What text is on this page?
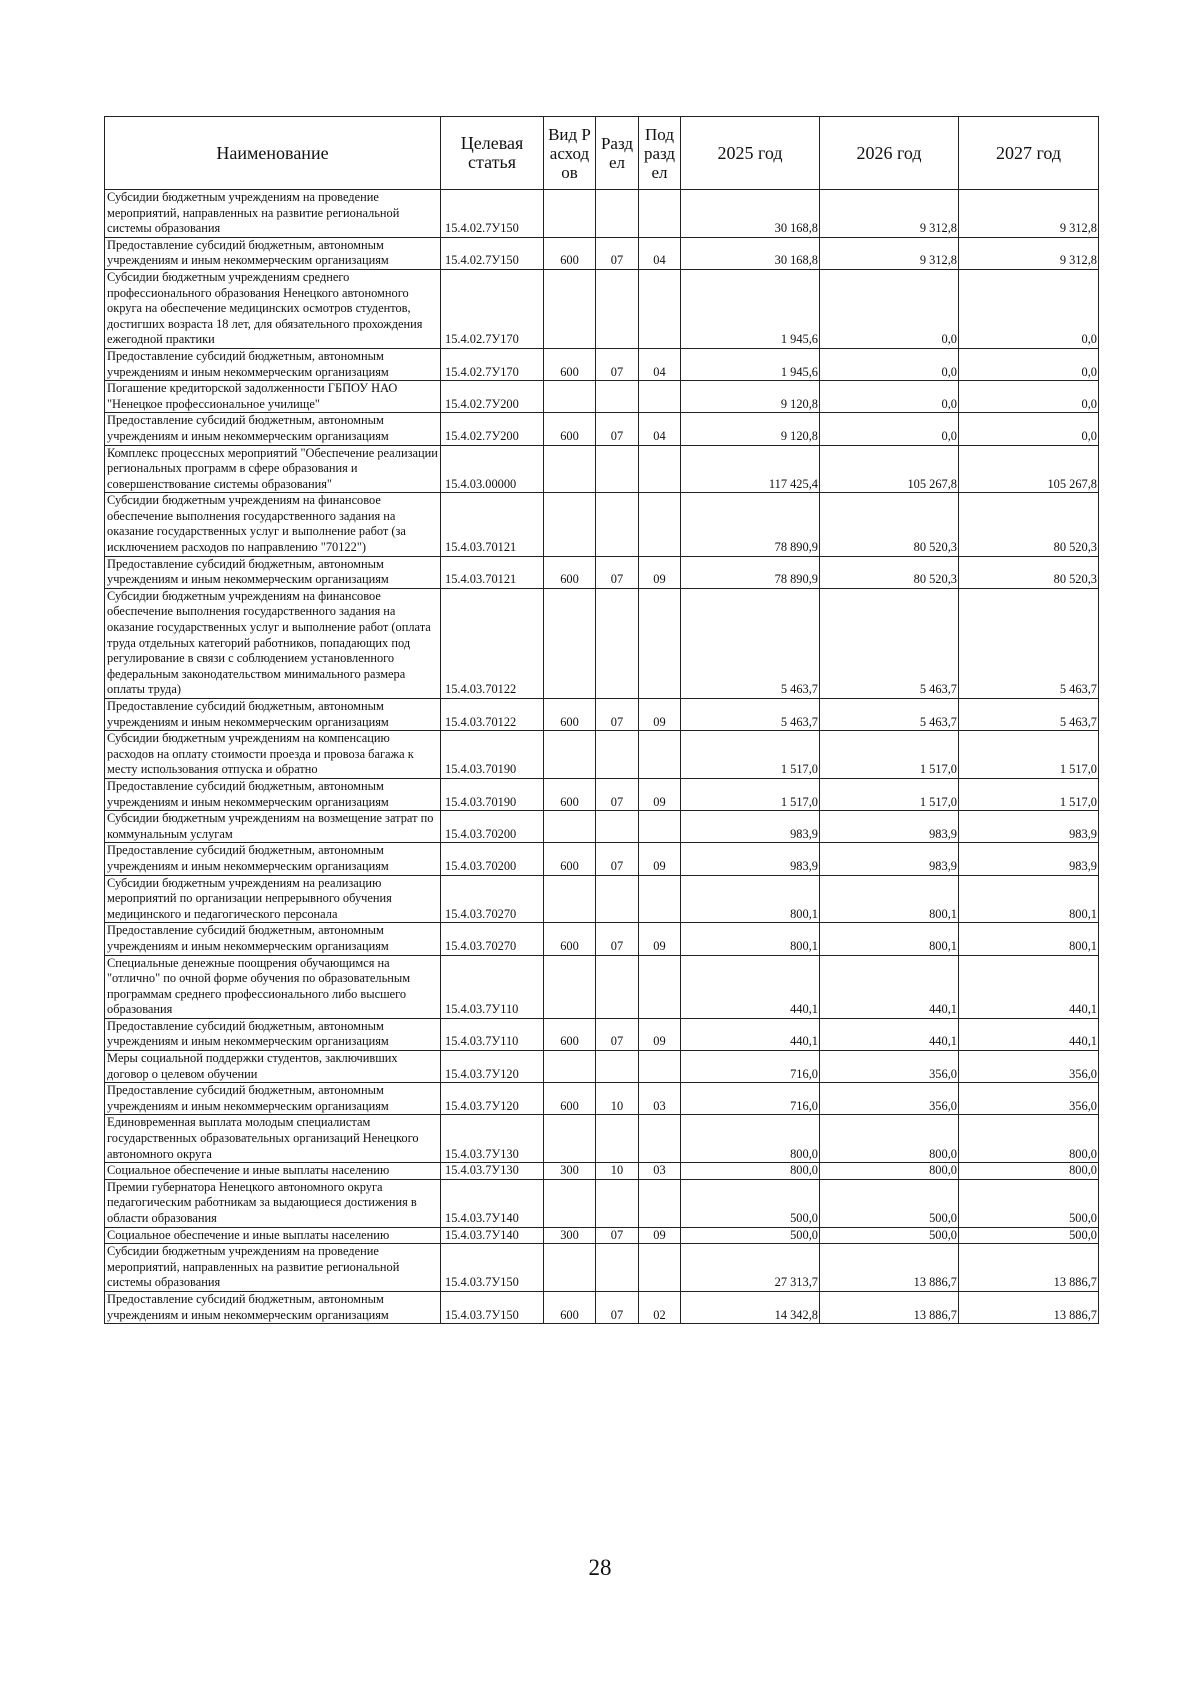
Наименование	Целевая статья	Вид Расходов	Раздел	Подраздел	2025 год	2026 год	2027 год
Субсидии бюджетным учреждениям на проведение мероприятий, направленных на развитие региональной системы образования	15.4.02.7У150				30 168,8	9 312,8	9 312,8
Предоставление субсидий бюджетным, автономным учреждениям и иным некоммерческим организациям	15.4.02.7У150	600	07	04	30 168,8	9 312,8	9 312,8
Субсидии бюджетным учреждениям среднего профессионального образования Ненецкого автономного округа на обеспечение медицинских осмотров студентов, достигших возраста 18 лет, для обязательного прохождения ежегодной практики	15.4.02.7У170				1 945,6	0,0	0,0
Предоставление субсидий бюджетным, автономным учреждениям и иным некоммерческим организациям	15.4.02.7У170	600	07	04	1 945,6	0,0	0,0
Погашение кредиторской задолженности ГБПОУ НАО "Ненецкое профессиональное училище"	15.4.02.7У200				9 120,8	0,0	0,0
Предоставление субсидий бюджетным, автономным учреждениям и иным некоммерческим организациям	15.4.02.7У200	600	07	04	9 120,8	0,0	0,0
Комплекс процессных мероприятий "Обеспечение реализации региональных программ в сфере образования и совершенствование системы образования"	15.4.03.00000				117 425,4	105 267,8	105 267,8
Субсидии бюджетным учреждениям на финансовое обеспечение выполнения государственного задания на оказание государственных услуг и выполнение работ (за исключением расходов по направлению "70122")	15.4.03.70121				78 890,9	80 520,3	80 520,3
Предоставление субсидий бюджетным, автономным учреждениям и иным некоммерческим организациям	15.4.03.70121	600	07	09	78 890,9	80 520,3	80 520,3
Субсидии бюджетным учреждениям на финансовое обеспечение выполнения государственного задания на оказание государственных услуг и выполнение работ (оплата труда отдельных категорий работников, попадающих под регулирование в связи с соблюдением установленного федеральным законодательством минимального размера оплаты труда)	15.4.03.70122				5 463,7	5 463,7	5 463,7
Предоставление субсидий бюджетным, автономным учреждениям и иным некоммерческим организациям	15.4.03.70122	600	07	09	5 463,7	5 463,7	5 463,7
Субсидии бюджетным учреждениям на компенсацию расходов на оплату стоимости проезда и провоза багажа к месту использования отпуска и обратно	15.4.03.70190				1 517,0	1 517,0	1 517,0
Предоставление субсидий бюджетным, автономным учреждениям и иным некоммерческим организациям	15.4.03.70190	600	07	09	1 517,0	1 517,0	1 517,0
Субсидии бюджетным учреждениям на возмещение затрат по коммунальным услугам	15.4.03.70200				983,9	983,9	983,9
Предоставление субсидий бюджетным, автономным учреждениям и иным некоммерческим организациям	15.4.03.70200	600	07	09	983,9	983,9	983,9
Субсидии бюджетным учреждениям на реализацию мероприятий по организации непрерывного обучения медицинского и педагогического персонала	15.4.03.70270				800,1	800,1	800,1
Предоставление субсидий бюджетным, автономным учреждениям и иным некоммерческим организациям	15.4.03.70270	600	07	09	800,1	800,1	800,1
Специальные денежные поощрения обучающимся на "отлично" по очной форме обучения по образовательным программам среднего профессионального либо высшего образования	15.4.03.7У110				440,1	440,1	440,1
Предоставление субсидий бюджетным, автономным учреждениям и иным некоммерческим организациям	15.4.03.7У110	600	07	09	440,1	440,1	440,1
Меры социальной поддержки студентов, заключивших договор о целевом обучении	15.4.03.7У120				716,0	356,0	356,0
Предоставление субсидий бюджетным, автономным учреждениям и иным некоммерческим организациям	15.4.03.7У120	600	10	03	716,0	356,0	356,0
Единовременная выплата молодым специалистам государственных образовательных организаций Ненецкого автономного округа	15.4.03.7У130				800,0	800,0	800,0
Социальное обеспечение и иные выплаты населению	15.4.03.7У130	300	10	03	800,0	800,0	800,0
Премии губернатора Ненецкого автономного округа педагогическим работникам за выдающиеся достижения в области образования	15.4.03.7У140				500,0	500,0	500,0
Социальное обеспечение и иные выплаты населению	15.4.03.7У140	300	07	09	500,0	500,0	500,0
Субсидии бюджетным учреждениям на проведение мероприятий, направленных на развитие региональной системы образования	15.4.03.7У150				27 313,7	13 886,7	13 886,7
Предоставление субсидий бюджетным, автономным учреждениям и иным некоммерческим организациям	15.4.03.7У150	600	07	02	14 342,8	13 886,7	13 886,7
28
